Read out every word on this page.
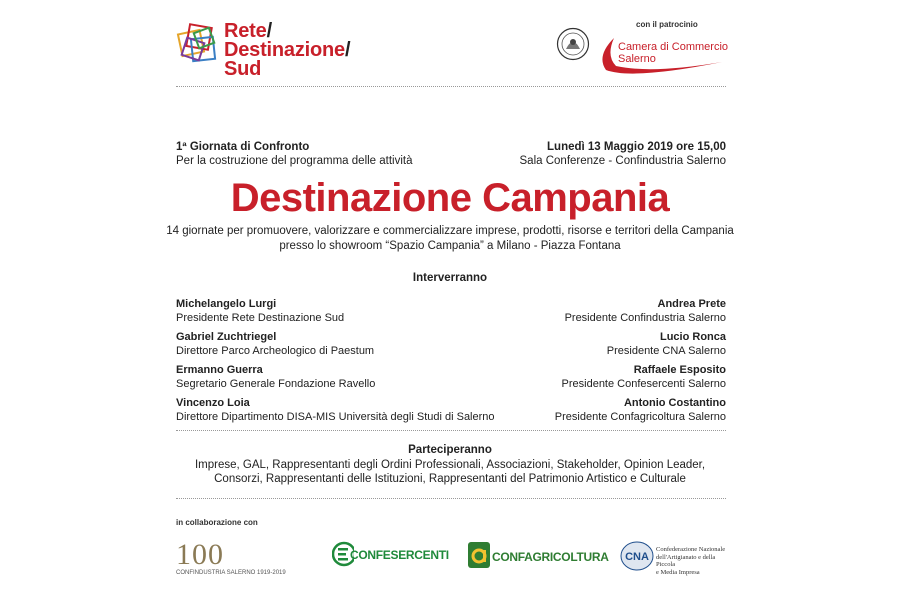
Rete/
Destinazione/
Sud
con il patrocinio
Camera di Commercio
Salerno
1ª Giornata di Confronto
Per la costruzione del programma delle attività
Lunedì 13 Maggio 2019 ore 15,00
Sala Conferenze - Confindustria Salerno
Destinazione Campania
14 giornate per promuovere, valorizzare e commercializzare imprese, prodotti, risorse e territori della Campania
presso lo showroom “Spazio Campania” a Milano - Piazza Fontana
Interverranno
Michelangelo Lurgi
Presidente Rete Destinazione Sud
Gabriel Zuchtriegel
Direttore Parco Archeologico di Paestum
Ermanno Guerra
Segretario Generale Fondazione Ravello
Vincenzo Loia
Direttore Dipartimento DISA-MIS Università degli Studi di Salerno
Andrea Prete
Presidente Confindustria Salerno
Lucio Ronca
Presidente CNA Salerno
Raffaele Esposito
Presidente Confesercenti Salerno
Antonio Costantino
Presidente Confagricoltura Salerno
Parteciperanno
Imprese, GAL, Rappresentanti degli Ordini Professionali, Associazioni, Stakeholder, Opinion Leader,
Consorzi, Rappresentanti delle Istituzioni, Rappresentanti del Patrimonio Artistico e Culturale
in collaborazione con
100
CONFINDUSTRIA SALERNO 1919-2019
CONFESERCENTI	CONFAGRICOLTURA CNA
Confederazione Nazionale
dell'Artigianato e della Piccola
e Media Impresa
